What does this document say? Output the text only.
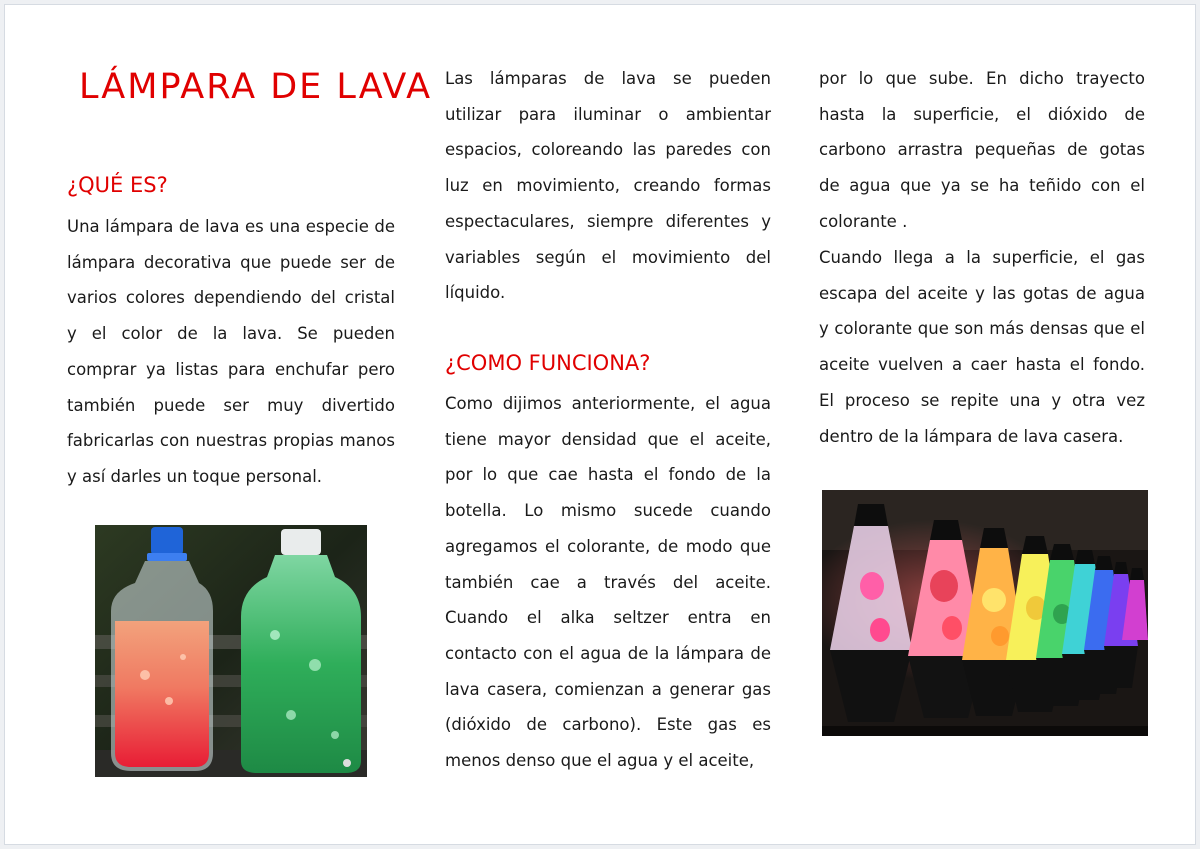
LÁMPARA DE LAVA
¿QUÉ ES?

Una lámpara de lava es una especie de lámpara decorativa que puede ser de varios colores dependiendo del cristal y el color de la lava. Se pueden comprar ya listas para enchufar pero también puede ser muy divertido fabricarlas con nuestras propias manos y así darles un toque personal.

Las lámparas de lava se pueden utilizar para iluminar o ambientar espacios, coloreando las paredes con luz en movimiento, creando formas espectaculares, siempre diferentes y variables según el movimiento del líquido.

¿COMO FUNCIONA?

Como dijimos anteriormente, el agua tiene mayor densidad que el aceite, por lo que cae hasta el fondo de la botella. Lo mismo sucede cuando agregamos el colorante, de modo que también cae a través del aceite. Cuando el alka seltzer entra en contacto con el agua de la lámpara de lava casera, comienzan a generar gas (dióxido de carbono). Este gas es menos denso que el agua y el aceite,

por lo que sube. En dicho trayecto hasta la superficie, el dióxido de carbono arrastra pequeñas de gotas de agua que ya se ha teñido con el colorante .

Cuando llega a la superficie, el gas escapa del aceite y las gotas de agua y colorante que son más densas que el aceite vuelven a caer hasta el fondo. El proceso se repite una y otra vez dentro de la lámpara de lava casera.
